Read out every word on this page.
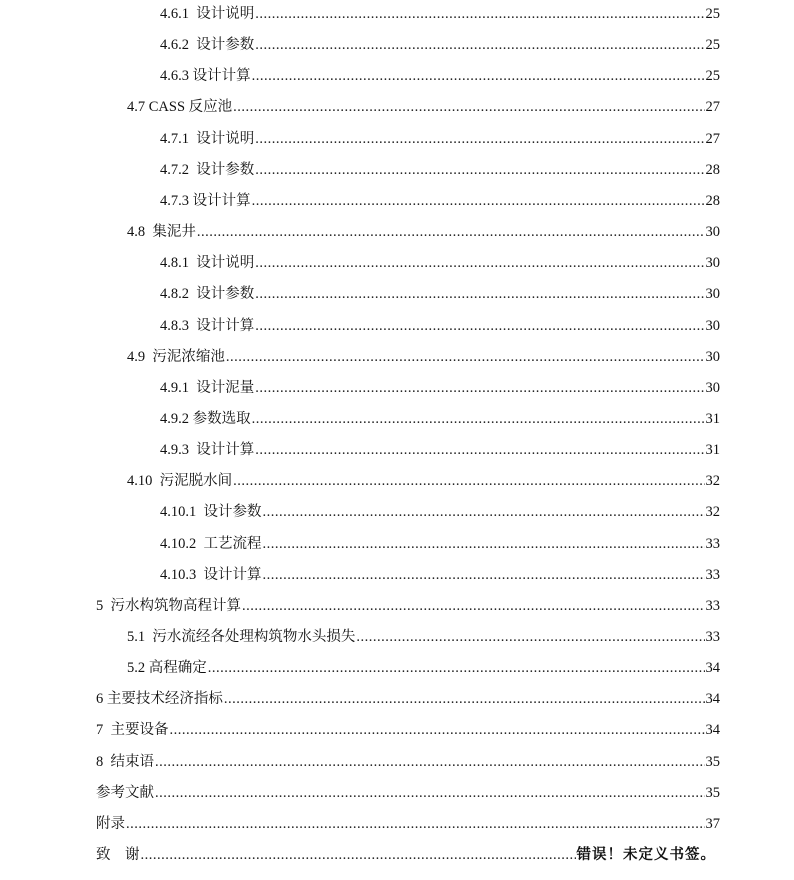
4.6.1  设计说明 .....	25
4.6.2  设计参数 .....	25
4.6.3 设计计算 .....	25
4.7 CASS 反应池 .....	27
4.7.1  设计说明 .....	27
4.7.2  设计参数 .....	28
4.7.3 设计计算 .....	28
4.8  集泥井 .....	30
4.8.1  设计说明 .....	30
4.8.2  设计参数 .....	30
4.8.3  设计计算 .....	30
4.9  污泥浓缩池 .....	30
4.9.1  设计泥量 .....	30
4.9.2 参数选取 .....	31
4.9.3  设计计算 .....	31
4.10  污泥脱水间 .....	32
4.10.1  设计参数 .....	32
4.10.2  工艺流程 .....	33
4.10.3  设计计算 .....	33
5  污水构筑物高程计算 .....	33
5.1  污水流经各处理构筑物水头损失 .....	33
5.2 高程确定 .....	34
6 主要技术经济指标 .....	34
7  主要设备 .....	34
8  结束语 .....	35
参考文献 .....	35
附录 .....	37
致    谢 .....	错误！未定义书签。
